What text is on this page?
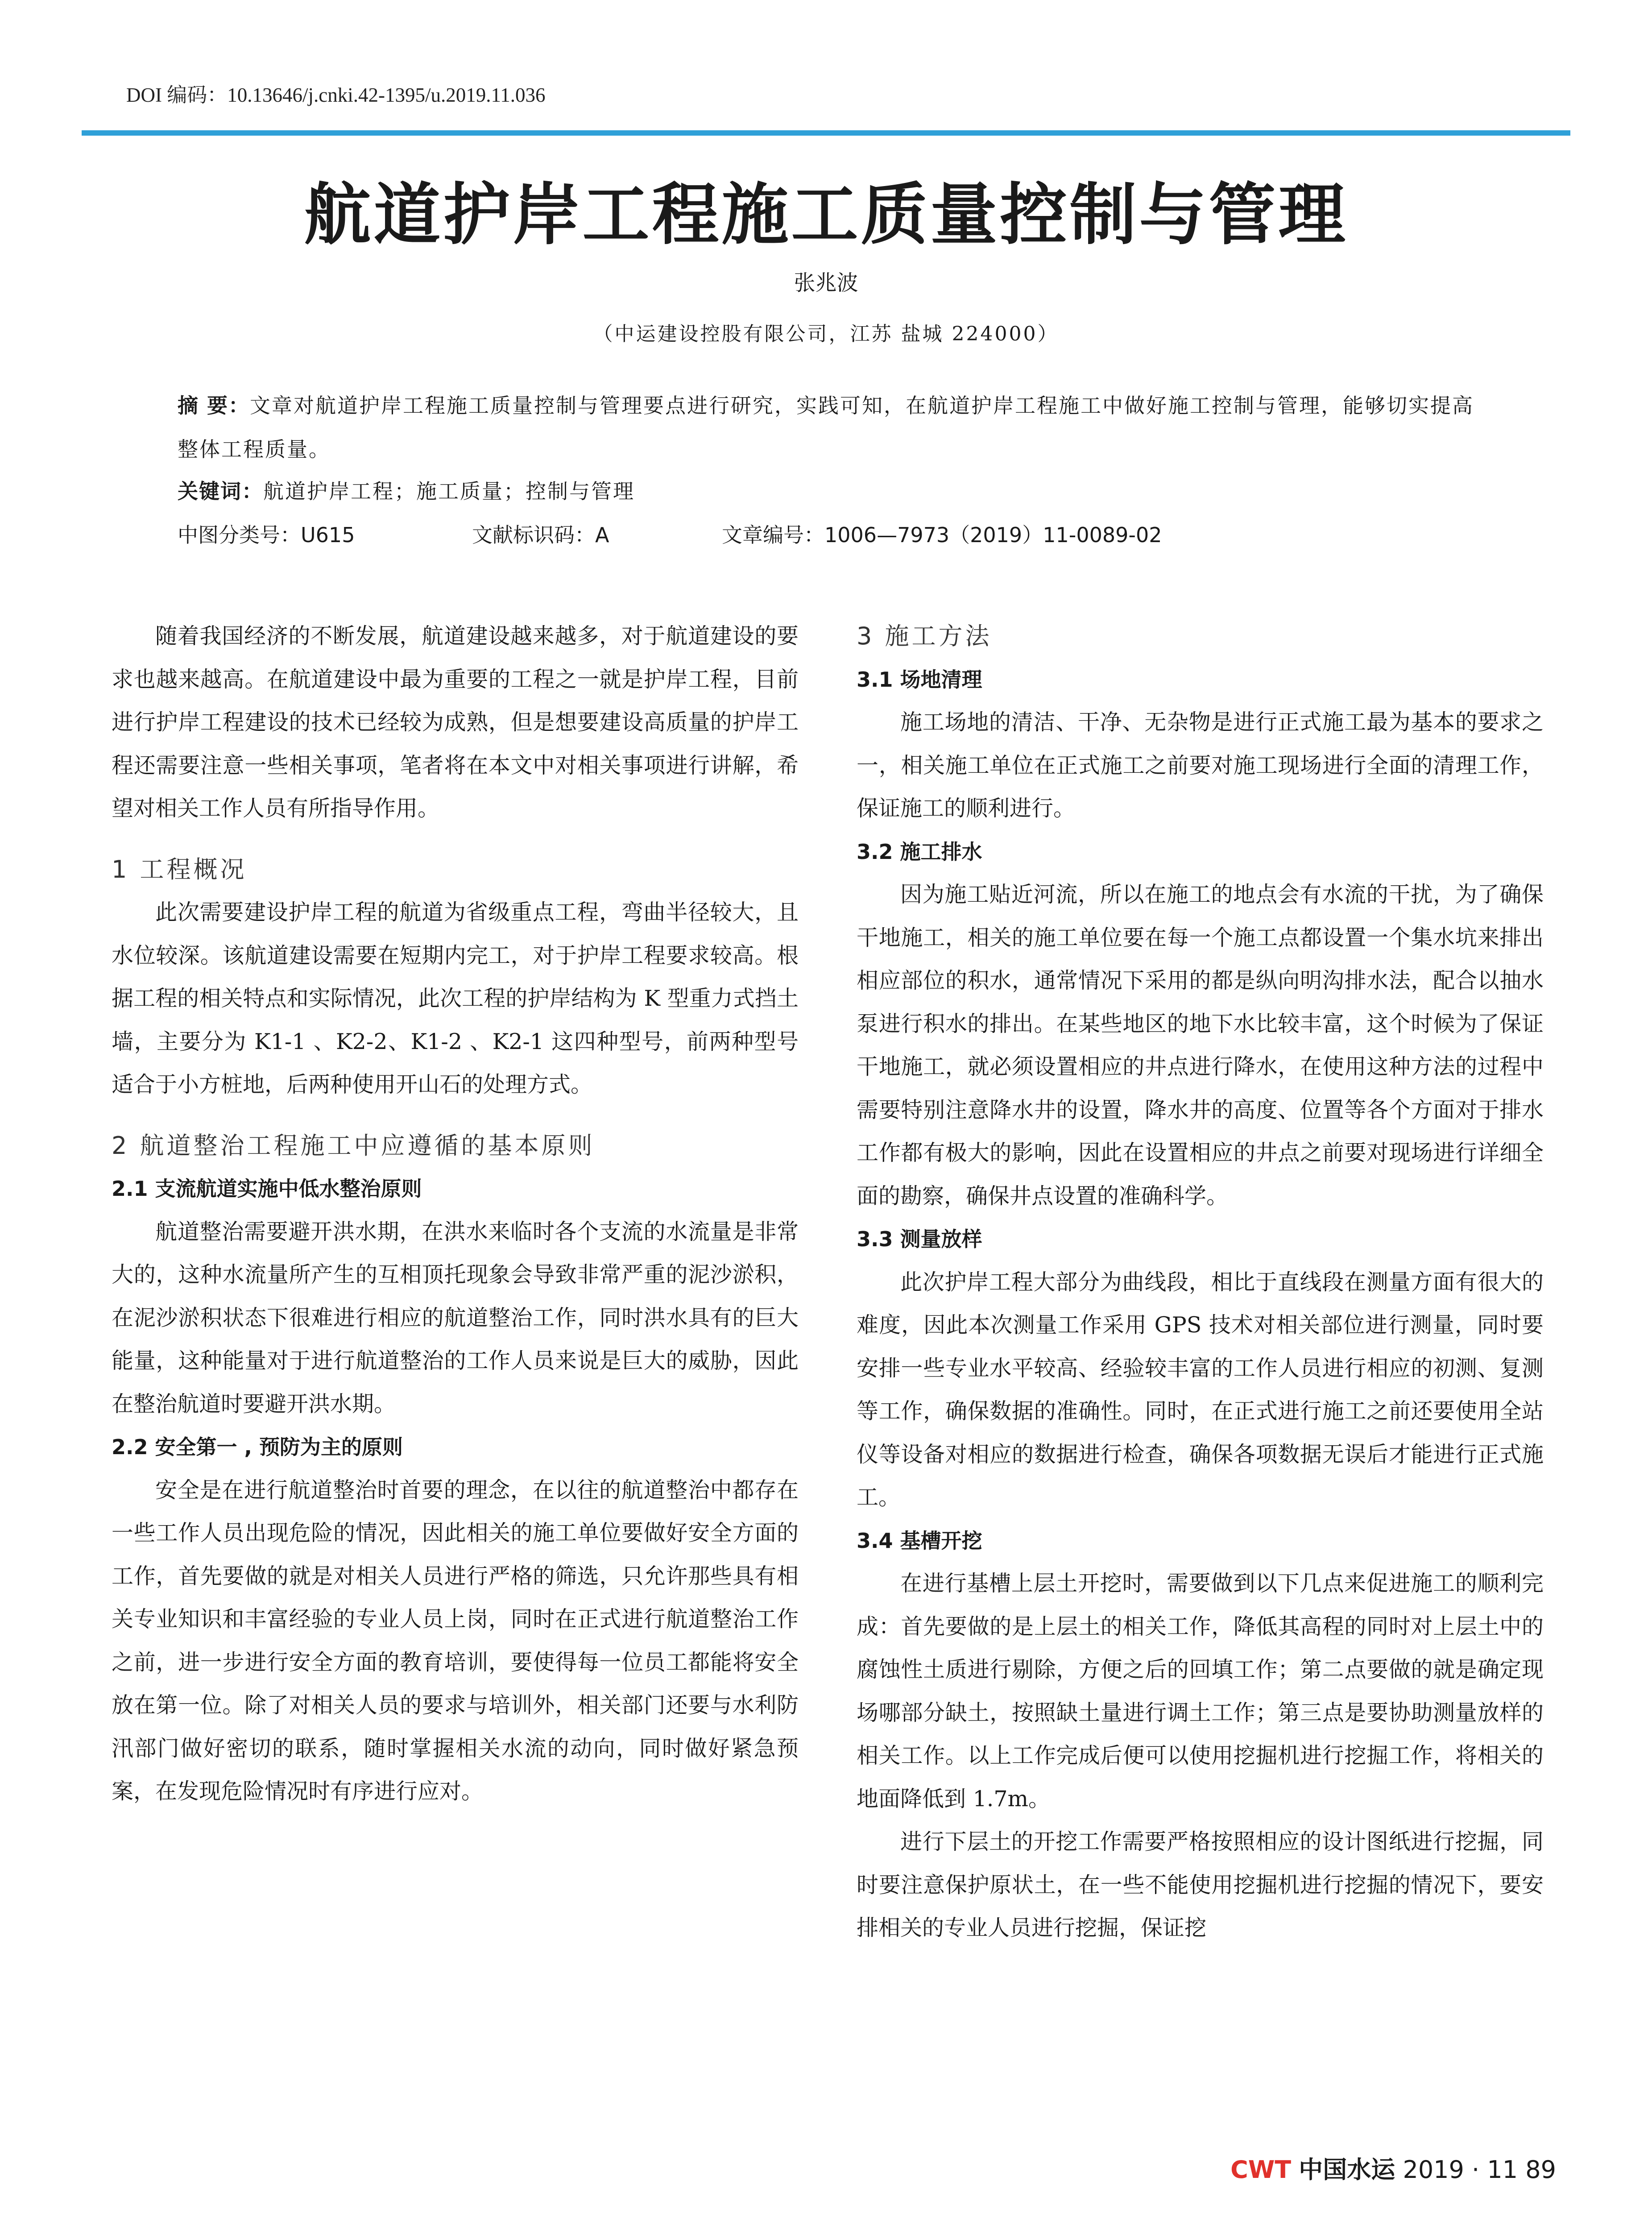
DOI 编码：10.13646/j.cnki.42-1395/u.2019.11.036
航道护岸工程施工质量控制与管理
张兆波
（中运建设控股有限公司，江苏 盐城 224000）
摘 要：文章对航道护岸工程施工质量控制与管理要点进行研究，实践可知，在航道护岸工程施工中做好施工控制与管理，能够切实提高整体工程质量。
关键词：航道护岸工程；施工质量；控制与管理
中图分类号：U615	文献标识码：A	文章编号：1006—7973（2019）11-0089-02

随着我国经济的不断发展，航道建设越来越多，对于航道建设的要求也越来越高。在航道建设中最为重要的工程之一就是护岸工程，目前进行护岸工程建设的技术已经较为成熟，但是想要建设高质量的护岸工程还需要注意一些相关事项，笔者将在本文中对相关事项进行讲解，希望对相关工作人员有所指导作用。

1 工程概况

此次需要建设护岸工程的航道为省级重点工程，弯曲半径较大，且水位较深。该航道建设需要在短期内完工，对于护岸工程要求较高。根据工程的相关特点和实际情况，此次工程的护岸结构为 K 型重力式挡土墙，主要分为 K1-1 、K2-2、K1-2 、K2-1 这四种型号，前两种型号适合于小方桩地，后两种使用开山石的处理方式。

2 航道整治工程施工中应遵循的基本原则
2.1 支流航道实施中低水整治原则

航道整治需要避开洪水期，在洪水来临时各个支流的水流量是非常大的，这种水流量所产生的互相顶托现象会导致非常严重的泥沙淤积，在泥沙淤积状态下很难进行相应的航道整治工作，同时洪水具有的巨大能量，这种能量对于进行航道整治的工作人员来说是巨大的威胁，因此在整治航道时要避开洪水期。

2.2 安全第一 , 预防为主的原则

安全是在进行航道整治时首要的理念，在以往的航道整治中都存在一些工作人员出现危险的情况，因此相关的施工单位要做好安全方面的工作，首先要做的就是对相关人员进行严格的筛选，只允许那些具有相关专业知识和丰富经验的专业人员上岗，同时在正式进行航道整治工作之前，进一步进行安全方面的教育培训，要使得每一位员工都能将安全放在第一位。除了对相关人员的要求与培训外，相关部门还要与水利防汛部门做好密切的联系，随时掌握相关水流的动向，同时做好紧急预案，在发现危险情况时有序进行应对。

3 施工方法
3.1 场地清理

施工场地的清洁、干净、无杂物是进行正式施工最为基本的要求之一，相关施工单位在正式施工之前要对施工现场进行全面的清理工作，保证施工的顺利进行。

3.2 施工排水

因为施工贴近河流，所以在施工的地点会有水流的干扰，为了确保干地施工，相关的施工单位要在每一个施工点都设置一个集水坑来排出相应部位的积水，通常情况下采用的都是纵向明沟排水法，配合以抽水泵进行积水的排出。在某些地区的地下水比较丰富，这个时候为了保证干地施工，就必须设置相应的井点进行降水，在使用这种方法的过程中需要特别注意降水井的设置，降水井的高度、位置等各个方面对于排水工作都有极大的影响，因此在设置相应的井点之前要对现场进行详细全面的勘察，确保井点设置的准确科学。

3.3 测量放样

此次护岸工程大部分为曲线段，相比于直线段在测量方面有很大的难度，因此本次测量工作采用 GPS 技术对相关部位进行测量，同时要安排一些专业水平较高、经验较丰富的工作人员进行相应的初测、复测等工作，确保数据的准确性。同时，在正式进行施工之前还要使用全站仪等设备对相应的数据进行检查，确保各项数据无误后才能进行正式施工。

3.4 基槽开挖

在进行基槽上层土开挖时，需要做到以下几点来促进施工的顺利完成：首先要做的是上层土的相关工作，降低其高程的同时对上层土中的腐蚀性土质进行剔除，方便之后的回填工作；第二点要做的就是确定现场哪部分缺土，按照缺土量进行调土工作；第三点是要协助测量放样的相关工作。以上工作完成后便可以使用挖掘机进行挖掘工作，将相关的地面降低到 1.7m。

进行下层土的开挖工作需要严格按照相应的设计图纸进行挖掘，同时要注意保护原状土，在一些不能使用挖掘机进行挖掘的情况下，要安排相关的专业人员进行挖掘，保证挖

CWT 中国水运 2019 · 11 89
